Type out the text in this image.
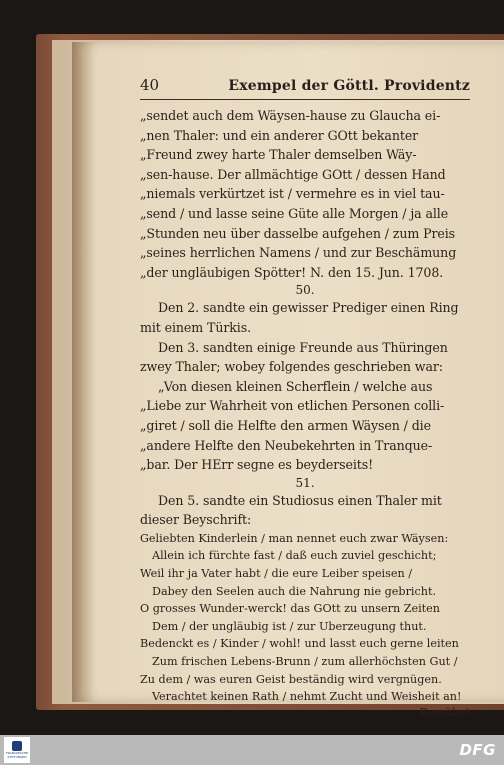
40	Exempel der Göttl. Providentz
„sendet auch dem Wäysen-hause zu Glaucha ei-
„nen Thaler: und ein anderer GOtt bekanter
„Freund zwey harte Thaler demselben Wäy-
„sen-hause. Der allmächtige GOtt / dessen Hand
„niemals verkürtzet ist / vermehre es in viel tau-
„send / und lasse seine Güte alle Morgen / ja alle
„Stunden neu über dasselbe aufgehen / zum Preis
„seines herrlichen Namens / und zur Beschämung
„der ungläubigen Spötter! N. den 15. Jun. 1708.
50.
Den 2. sandte ein gewisser Prediger einen Ring
mit einem Türkis.
Den 3. sandten einige Freunde aus Thüringen
zwey Thaler; wobey folgendes geschrieben war:
„Von diesen kleinen Scherflein / welche aus
„Liebe zur Wahrheit von etlichen Personen colli-
„giret / soll die Helfte den armen Wäysen / die
„andere Helfte den Neubekehrten in Tranque-
„bar. Der HErr segne es beyderseits!
51.
Den 5. sandte ein Studiosus einen Thaler mit
dieser Beyschrift:
Geliebten Kinderlein / man nennet euch zwar Wäysen:
Allein ich fürchte fast / daß euch zuviel geschicht;
Weil ihr ja Vater habt / die eure Leiber speisen /
Dabey den Seelen auch die Nahrung nie gebricht.
O grosses Wunder-werck! das GOtt zu unsern Zeiten
Dem / der ungläubig ist / zur Uberzeugung thut.
Bedenckt es / Kinder / wohl! und lasst euch gerne leiten
Zum frischen Lebens-Brunn / zum allerhöchsten Gut /
Zu dem / was euren Geist beständig wird vergnügen.
Verachtet keinen Rath / nehmt Zucht und Weisheit an!
Bemühet
FRANCKESCHE STIFTUNGEN	DFG
